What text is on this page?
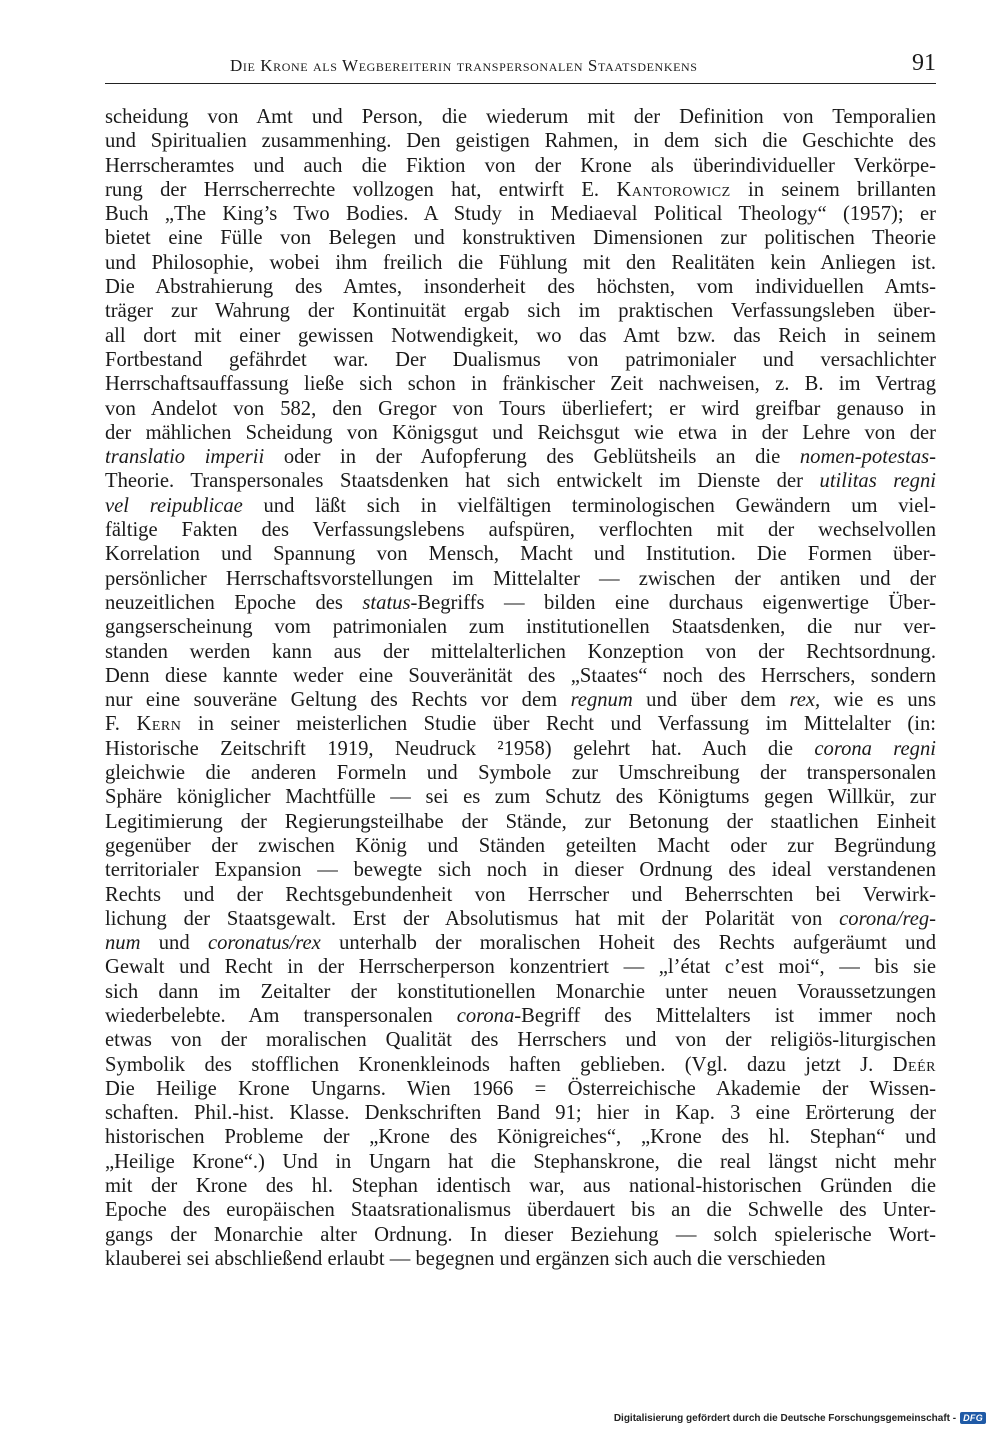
Die Krone als Wegbereiterin transpersonalen Staatsdenkens	91
scheidung von Amt und Person, die wiederum mit der Definition von Temporalien
und Spiritualien zusammenhing. Den geistigen Rahmen, in dem sich die Geschichte des
Herrscheramtes und auch die Fiktion von der Krone als überindividueller Verkörpe-
rung der Herrscherrechte vollzogen hat, entwirft E. Kantorowicz in seinem brillanten
Buch „The King’s Two Bodies. A Study in Mediaeval Political Theology“ (1957); er
bietet eine Fülle von Belegen und konstruktiven Dimensionen zur politischen Theorie
und Philosophie, wobei ihm freilich die Fühlung mit den Realitäten kein Anliegen ist.
Die Abstrahierung des Amtes, insonderheit des höchsten, vom individuellen Amts-
träger zur Wahrung der Kontinuität ergab sich im praktischen Verfassungsleben über-
all dort mit einer gewissen Notwendigkeit, wo das Amt bzw. das Reich in seinem
Fortbestand gefährdet war. Der Dualismus von patrimonialer und versachlichter
Herrschaftsauffassung ließe sich schon in fränkischer Zeit nachweisen, z. B. im Vertrag
von Andelot von 582, den Gregor von Tours überliefert; er wird greifbar genauso in
der mählichen Scheidung von Königsgut und Reichsgut wie etwa in der Lehre von der
translatio imperii oder in der Aufopferung des Geblütsheils an die nomen-potestas-
Theorie. Transpersonales Staatsdenken hat sich entwickelt im Dienste der utilitas regni
vel reipublicae und läßt sich in vielfältigen terminologischen Gewändern um viel-
fältige Fakten des Verfassungslebens aufspüren, verflochten mit der wechselvollen
Korrelation und Spannung von Mensch, Macht und Institution. Die Formen über-
persönlicher Herrschaftsvorstellungen im Mittelalter — zwischen der antiken und der
neuzeitlichen Epoche des status-Begriffs — bilden eine durchaus eigenwertige Über-
gangserscheinung vom patrimonialen zum institutionellen Staatsdenken, die nur ver-
standen werden kann aus der mittelalterlichen Konzeption von der Rechtsordnung.
Denn diese kannte weder eine Souveränität des „Staates“ noch des Herrschers, sondern
nur eine souveräne Geltung des Rechts vor dem regnum und über dem rex, wie es uns
F. Kern in seiner meisterlichen Studie über Recht und Verfassung im Mittelalter (in:
Historische Zeitschrift 1919, Neudruck ²1958) gelehrt hat. Auch die corona regni
gleichwie die anderen Formeln und Symbole zur Umschreibung der transpersonalen
Sphäre königlicher Machtfülle — sei es zum Schutz des Königtums gegen Willkür, zur
Legitimierung der Regierungsteilhabe der Stände, zur Betonung der staatlichen Einheit
gegenüber der zwischen König und Ständen geteilten Macht oder zur Begründung
territorialer Expansion — bewegte sich noch in dieser Ordnung des ideal verstandenen
Rechts und der Rechtsgebundenheit von Herrscher und Beherrschten bei Verwirk-
lichung der Staatsgewalt. Erst der Absolutismus hat mit der Polarität von corona/reg-
num und coronatus/rex unterhalb der moralischen Hoheit des Rechts aufgeräumt und
Gewalt und Recht in der Herrscherperson konzentriert — „l’état c’est moi“, — bis sie
sich dann im Zeitalter der konstitutionellen Monarchie unter neuen Voraussetzungen
wiederbelebte. Am transpersonalen corona-Begriff des Mittelalters ist immer noch
etwas von der moralischen Qualität des Herrschers und von der religiös-liturgischen
Symbolik des stofflichen Kronenkleinods haften geblieben. (Vgl. dazu jetzt J. Deér
Die Heilige Krone Ungarns. Wien 1966 = Österreichische Akademie der Wissen-
schaften. Phil.-hist. Klasse. Denkschriften Band 91; hier in Kap. 3 eine Erörterung der
historischen Probleme der „Krone des Königreiches“, „Krone des hl. Stephan“ und
„Heilige Krone“.) Und in Ungarn hat die Stephanskrone, die real längst nicht mehr
mit der Krone des hl. Stephan identisch war, aus national-historischen Gründen die
Epoche des europäischen Staatsrationalismus überdauert bis an die Schwelle des Unter-
gangs der Monarchie alter Ordnung. In dieser Beziehung — solch spielerische Wort-
klauberei sei abschließend erlaubt — begegnen und ergänzen sich auch die verschieden
Digitalisierung gefördert durch die Deutsche Forschungsgemeinschaft - DFG
